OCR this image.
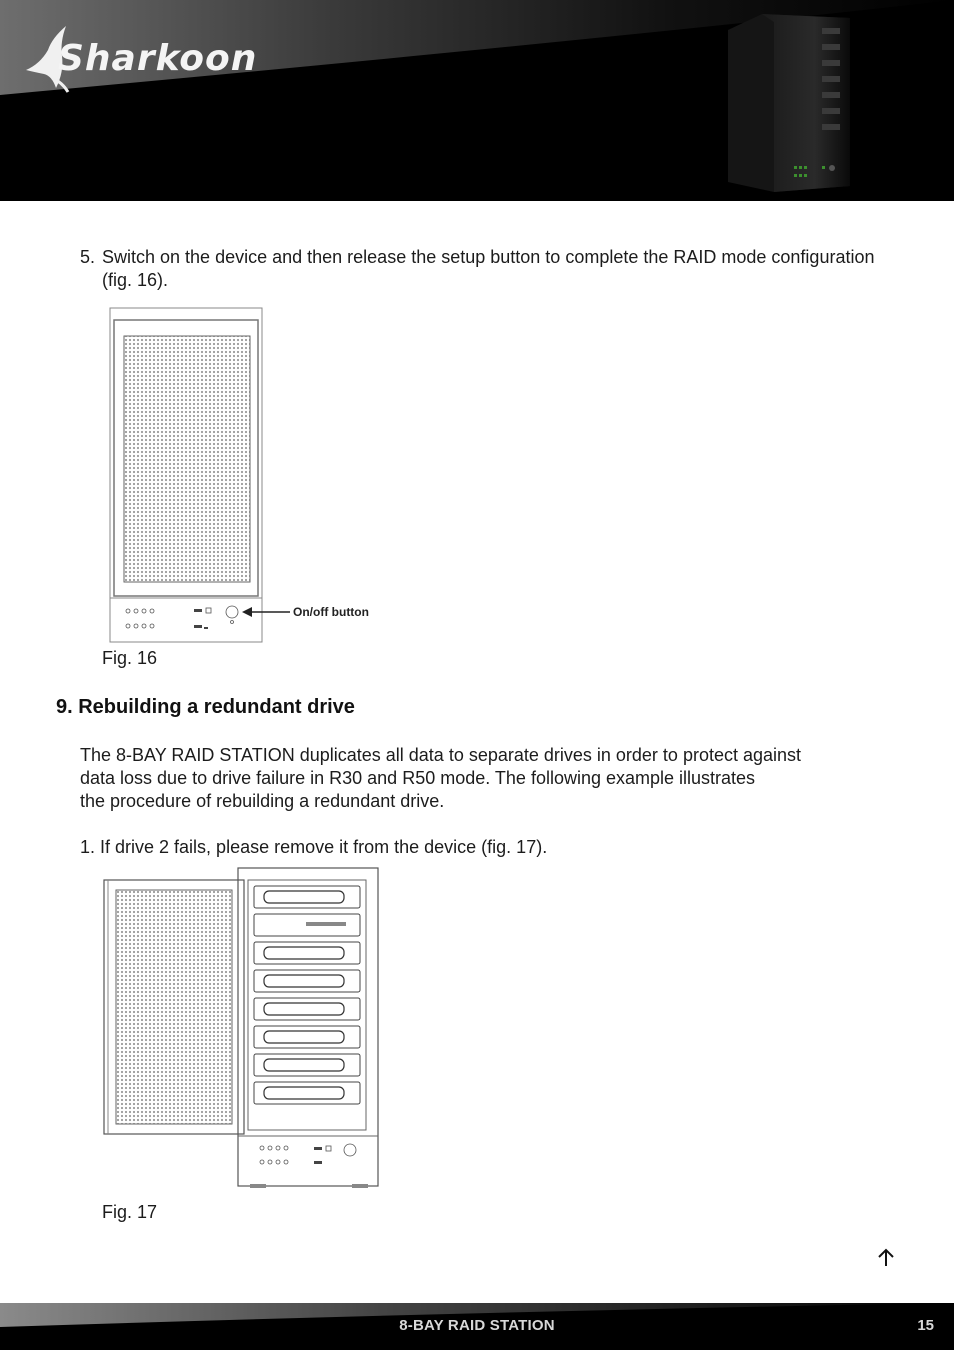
Sharkoon
5. Switch on the device and then release the setup button to complete the RAID mode configuration (fig. 16).
On/off button
Fig. 16
9. Rebuilding a redundant drive
The 8-BAY RAID STATION duplicates all data to separate drives in order to protect against
data loss due to drive failure in R30 and R50 mode. The following example illustrates
the procedure of rebuilding a redundant drive.
1. If drive 2 fails, please remove it from the device (fig. 17).
Fig. 17
8-BAY RAID STATION	15
